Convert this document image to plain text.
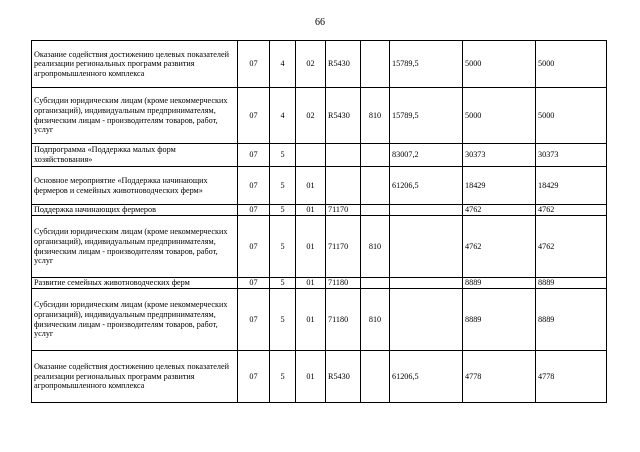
66
Оказание содействия достижению целевых показателей реализации региональных программ развития агропромышленного комплекса	07	4	02	R5430		15789,5	5000	5000
Субсидии юридическим лицам (кроме некоммерческих организаций), индивидуальным предпринимателям, физическим лицам - производителям товаров, работ, услуг	07	4	02	R5430	810	15789,5	5000	5000
Подпрограмма «Поддержка малых форм хозяйствования»	07	5				83007,2	30373	30373
Основное мероприятие «Поддержка начинающих фермеров и семейных животноводческих ферм»	07	5	01			61206,5	18429	18429
Поддержка начинающих фермеров	07	5	01	71170			4762	4762
Субсидии юридическим лицам (кроме некоммерческих организаций), индивидуальным предпринимателям, физическим лицам - производителям товаров, работ, услуг	07	5	01	71170	810		4762	4762
Развитие семейных животноводческих ферм	07	5	01	71180			8889	8889
Субсидии юридическим лицам (кроме некоммерческих организаций), индивидуальным предпринимателям, физическим лицам - производителям товаров, работ, услуг	07	5	01	71180	810		8889	8889
Оказание содействия достижению целевых показателей реализации региональных программ развития агропромышленного комплекса	07	5	01	R5430		61206,5	4778	4778
